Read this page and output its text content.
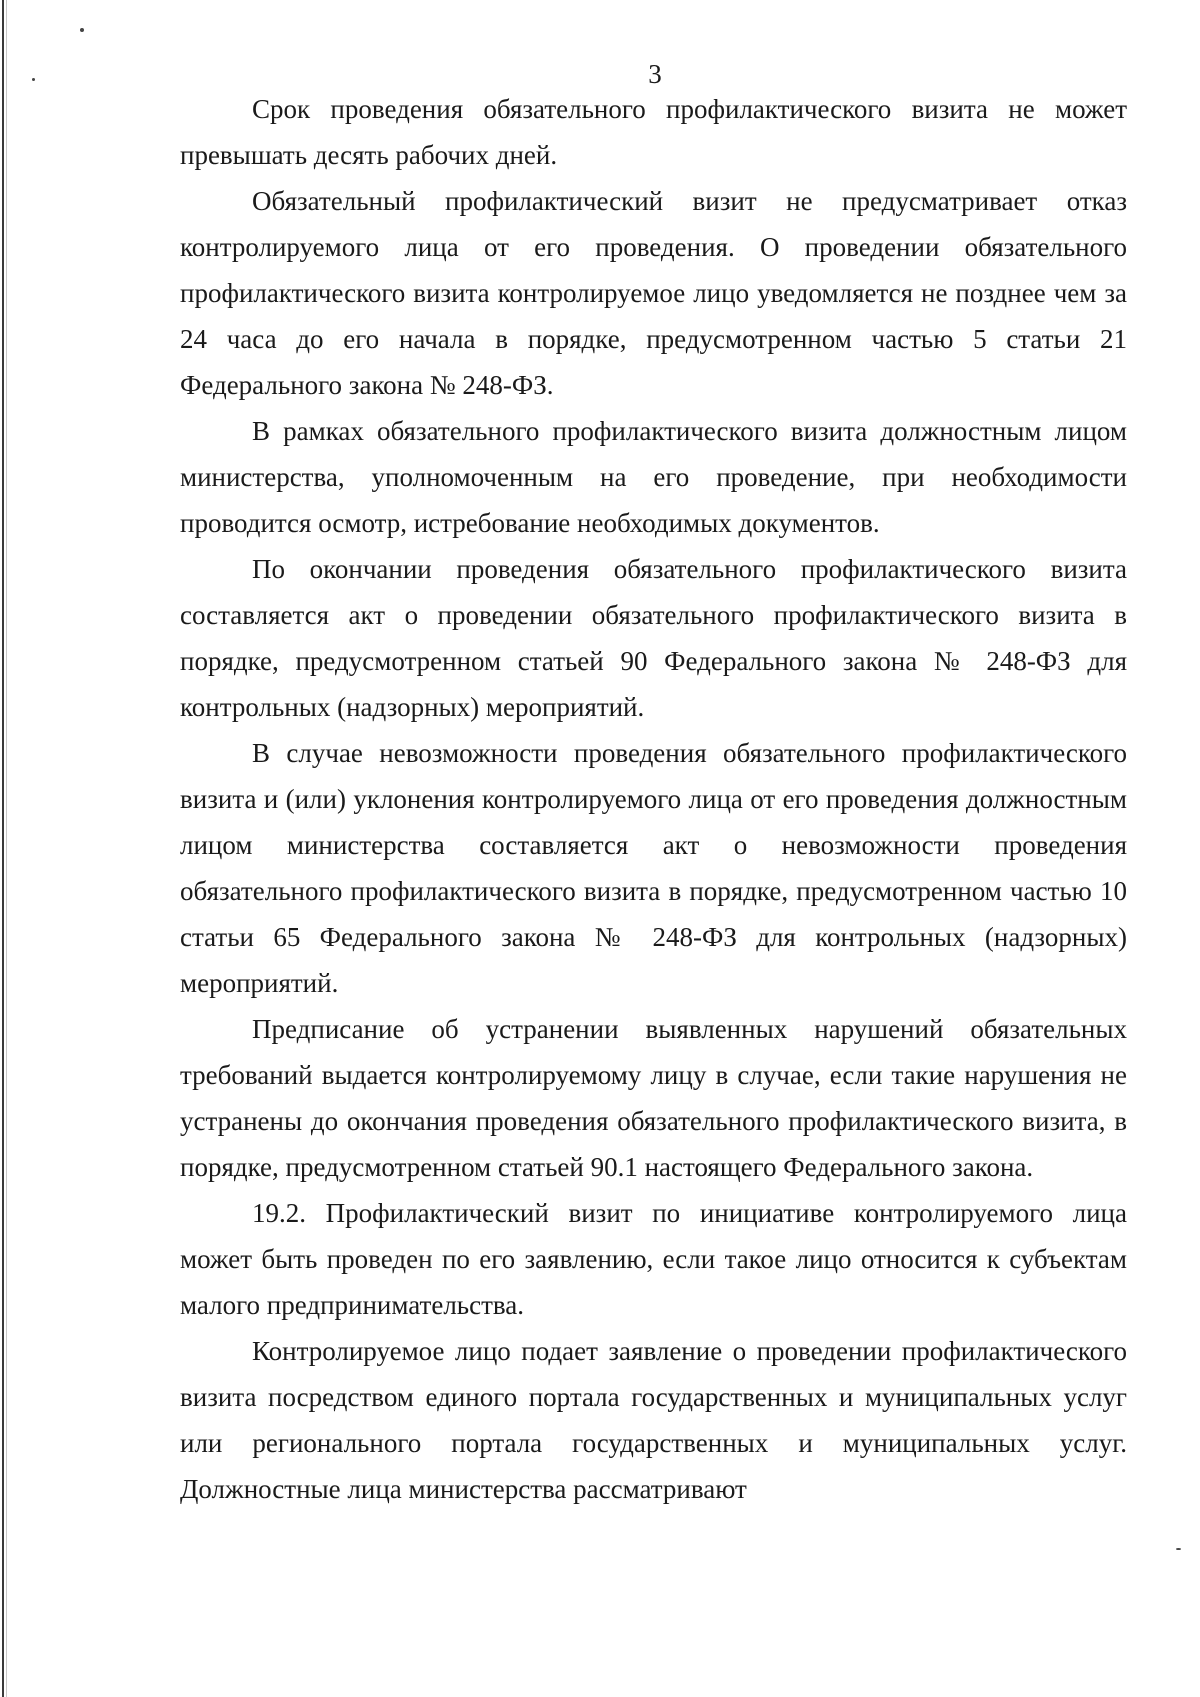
3

Срок проведения обязательного профилактического визита не может превышать десять рабочих дней.

Обязательный профилактический визит не предусматривает отказ контролируемого лица от его проведения. О проведении обязательного профилактического визита контролируемое лицо уведомляется не позднее чем за 24 часа до его начала в порядке, предусмотренном частью 5 статьи 21 Федерального закона № 248-ФЗ.

В рамках обязательного профилактического визита должностным лицом министерства, уполномоченным на его проведение, при необходимости проводится осмотр, истребование необходимых документов.

По окончании проведения обязательного профилактического визита составляется акт о проведении обязательного профилактического визита в порядке, предусмотренном статьей 90 Федерального закона № 248-ФЗ для контрольных (надзорных) мероприятий.

В случае невозможности проведения обязательного профилактического визита и (или) уклонения контролируемого лица от его проведения должностным лицом министерства составляется акт о невозможности проведения обязательного профилактического визита в порядке, предусмотренном частью 10 статьи 65 Федерального закона № 248-ФЗ для контрольных (надзорных) мероприятий.

Предписание об устранении выявленных нарушений обязательных требований выдается контролируемому лицу в случае, если такие нарушения не устранены до окончания проведения обязательного профилактического визита, в порядке, предусмотренном статьей 90.1 настоящего Федерального закона.

19.2. Профилактический визит по инициативе контролируемого лица может быть проведен по его заявлению, если такое лицо относится к субъектам малого предпринимательства.

Контролируемое лицо подает заявление о проведении профилактического визита посредством единого портала государственных и муниципальных услуг или регионального портала государственных и муниципальных услуг. Должностные лица министерства рассматривают
